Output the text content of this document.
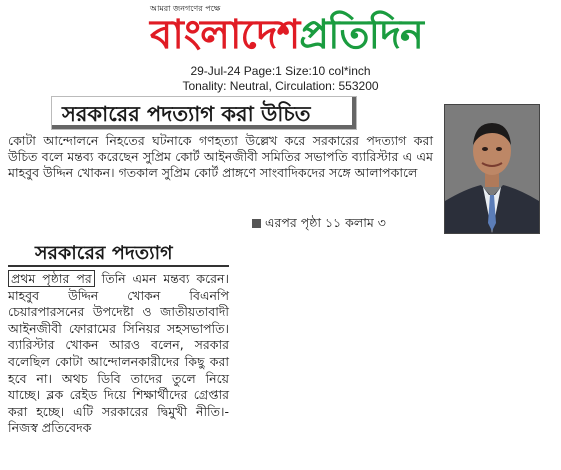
আমরা জনগণের পক্ষে
বাংলাদেশপ্রতিদিন
29-Jul-24 Page:1 Size:10 col*inch
Tonality: Neutral, Circulation: 553200
সরকারের পদত্যাগ করা উচিত
কোটা আন্দোলনে নিহতের ঘটনাকে গণহত্যা উল্লেখ করে সরকারের পদত্যাগ করা উচিত বলে মন্তব্য করেছেন সুপ্রিম কোর্ট আইনজীবী সমিতির সভাপতি ব্যারিস্টার এ এম মাহবুব উদ্দিন খোকন। গতকাল সুপ্রিম কোর্ট প্রাঙ্গণে সাংবাদিকদের সঙ্গে আলাপকালে
এরপর পৃষ্ঠা ১১ কলাম ৩
সরকারের পদত্যাগ
প্রথম পৃষ্ঠার পর তিনি এমন মন্তব্য করেন। মাহবুব উদ্দিন খোকন বিএনপি চেয়ারপারসনের উপদেষ্টা ও জাতীয়তাবাদী আইনজীবী ফোরামের সিনিয়র সহসভাপতি। ব্যারিস্টার খোকন আরও বলেন, সরকার বলেছিল কোটা আন্দোলনকারীদের কিছু করা হবে না। অথচ ডিবি তাদের তুলে নিয়ে যাচ্ছে। ব্লক রেইড দিয়ে শিক্ষার্থীদের গ্রেপ্তার করা হচ্ছে। এটি সরকারের দ্বিমুখী নীতি।-নিজস্ব প্রতিবেদক
